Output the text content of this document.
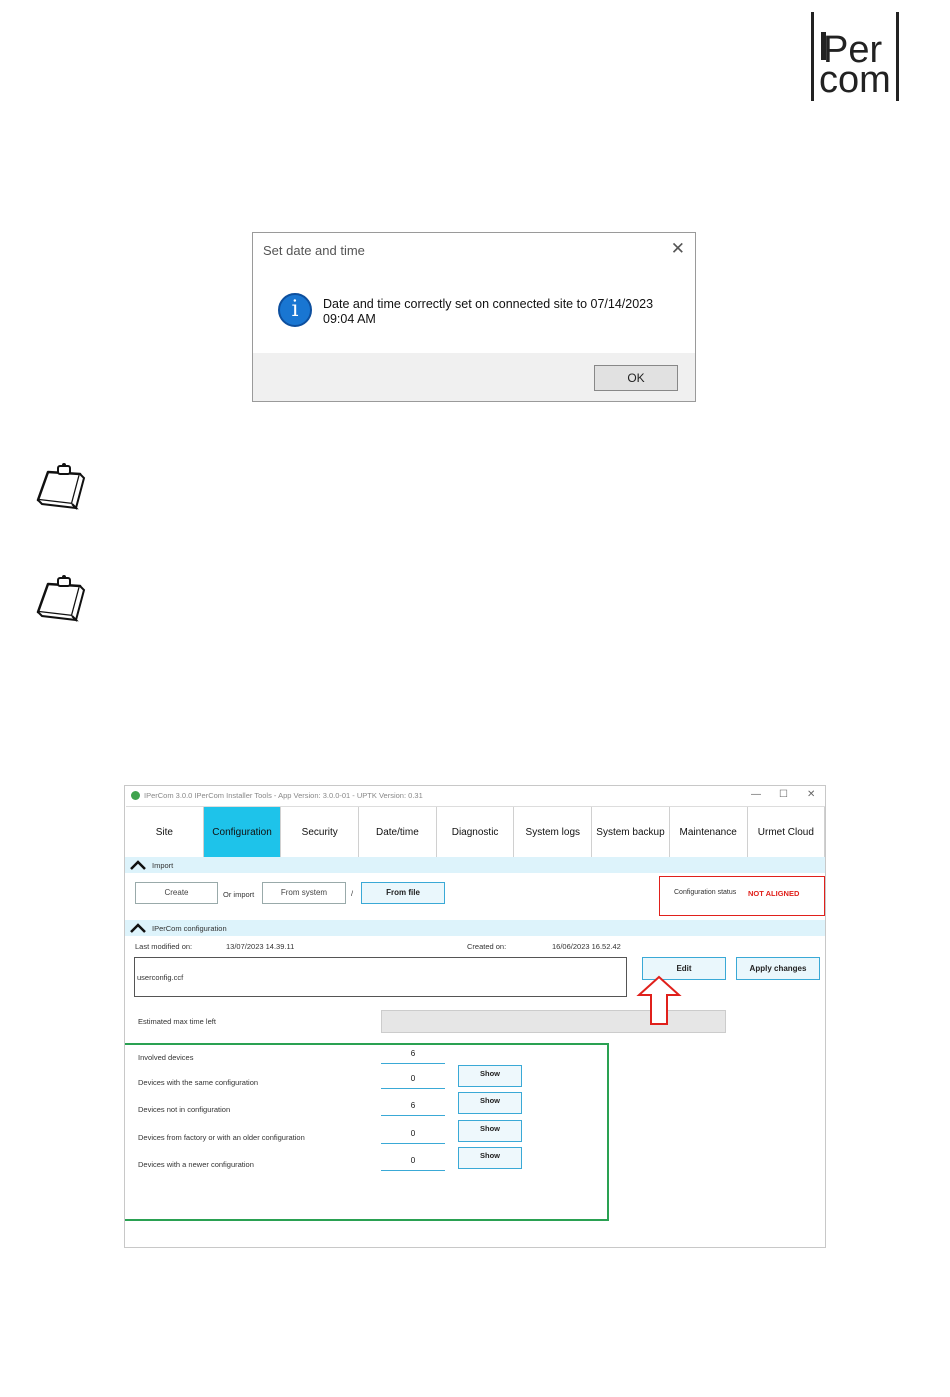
Per
com
Set date and time	✕
i	Date and time correctly set on connected site to 07/14/2023
09:04 AM
OK
IPerCom 3.0.0 IPerCom Installer Tools - App Version: 3.0.0-01 - UPTK Version: 0.31	— ☐ ✕
Site	Configuration	Security	Date/time	Diagnostic	System logs	System backup	Maintenance	Urmet Cloud
Import
Create	Or import	From system	/	From file	Configuration status NOT ALIGNED
IPerCom configuration
Last modified on:	13/07/2023 14.39.11	Created on:	16/06/2023 16.52.42
userconfig.ccf
Edit	Apply changes
Estimated max time left
Involved devices	6
Devices with the same configuration	0
Show
Devices not in configuration	6
Show
Devices from factory or with an older configuration	0
Show
Devices with a newer configuration	0
Show
